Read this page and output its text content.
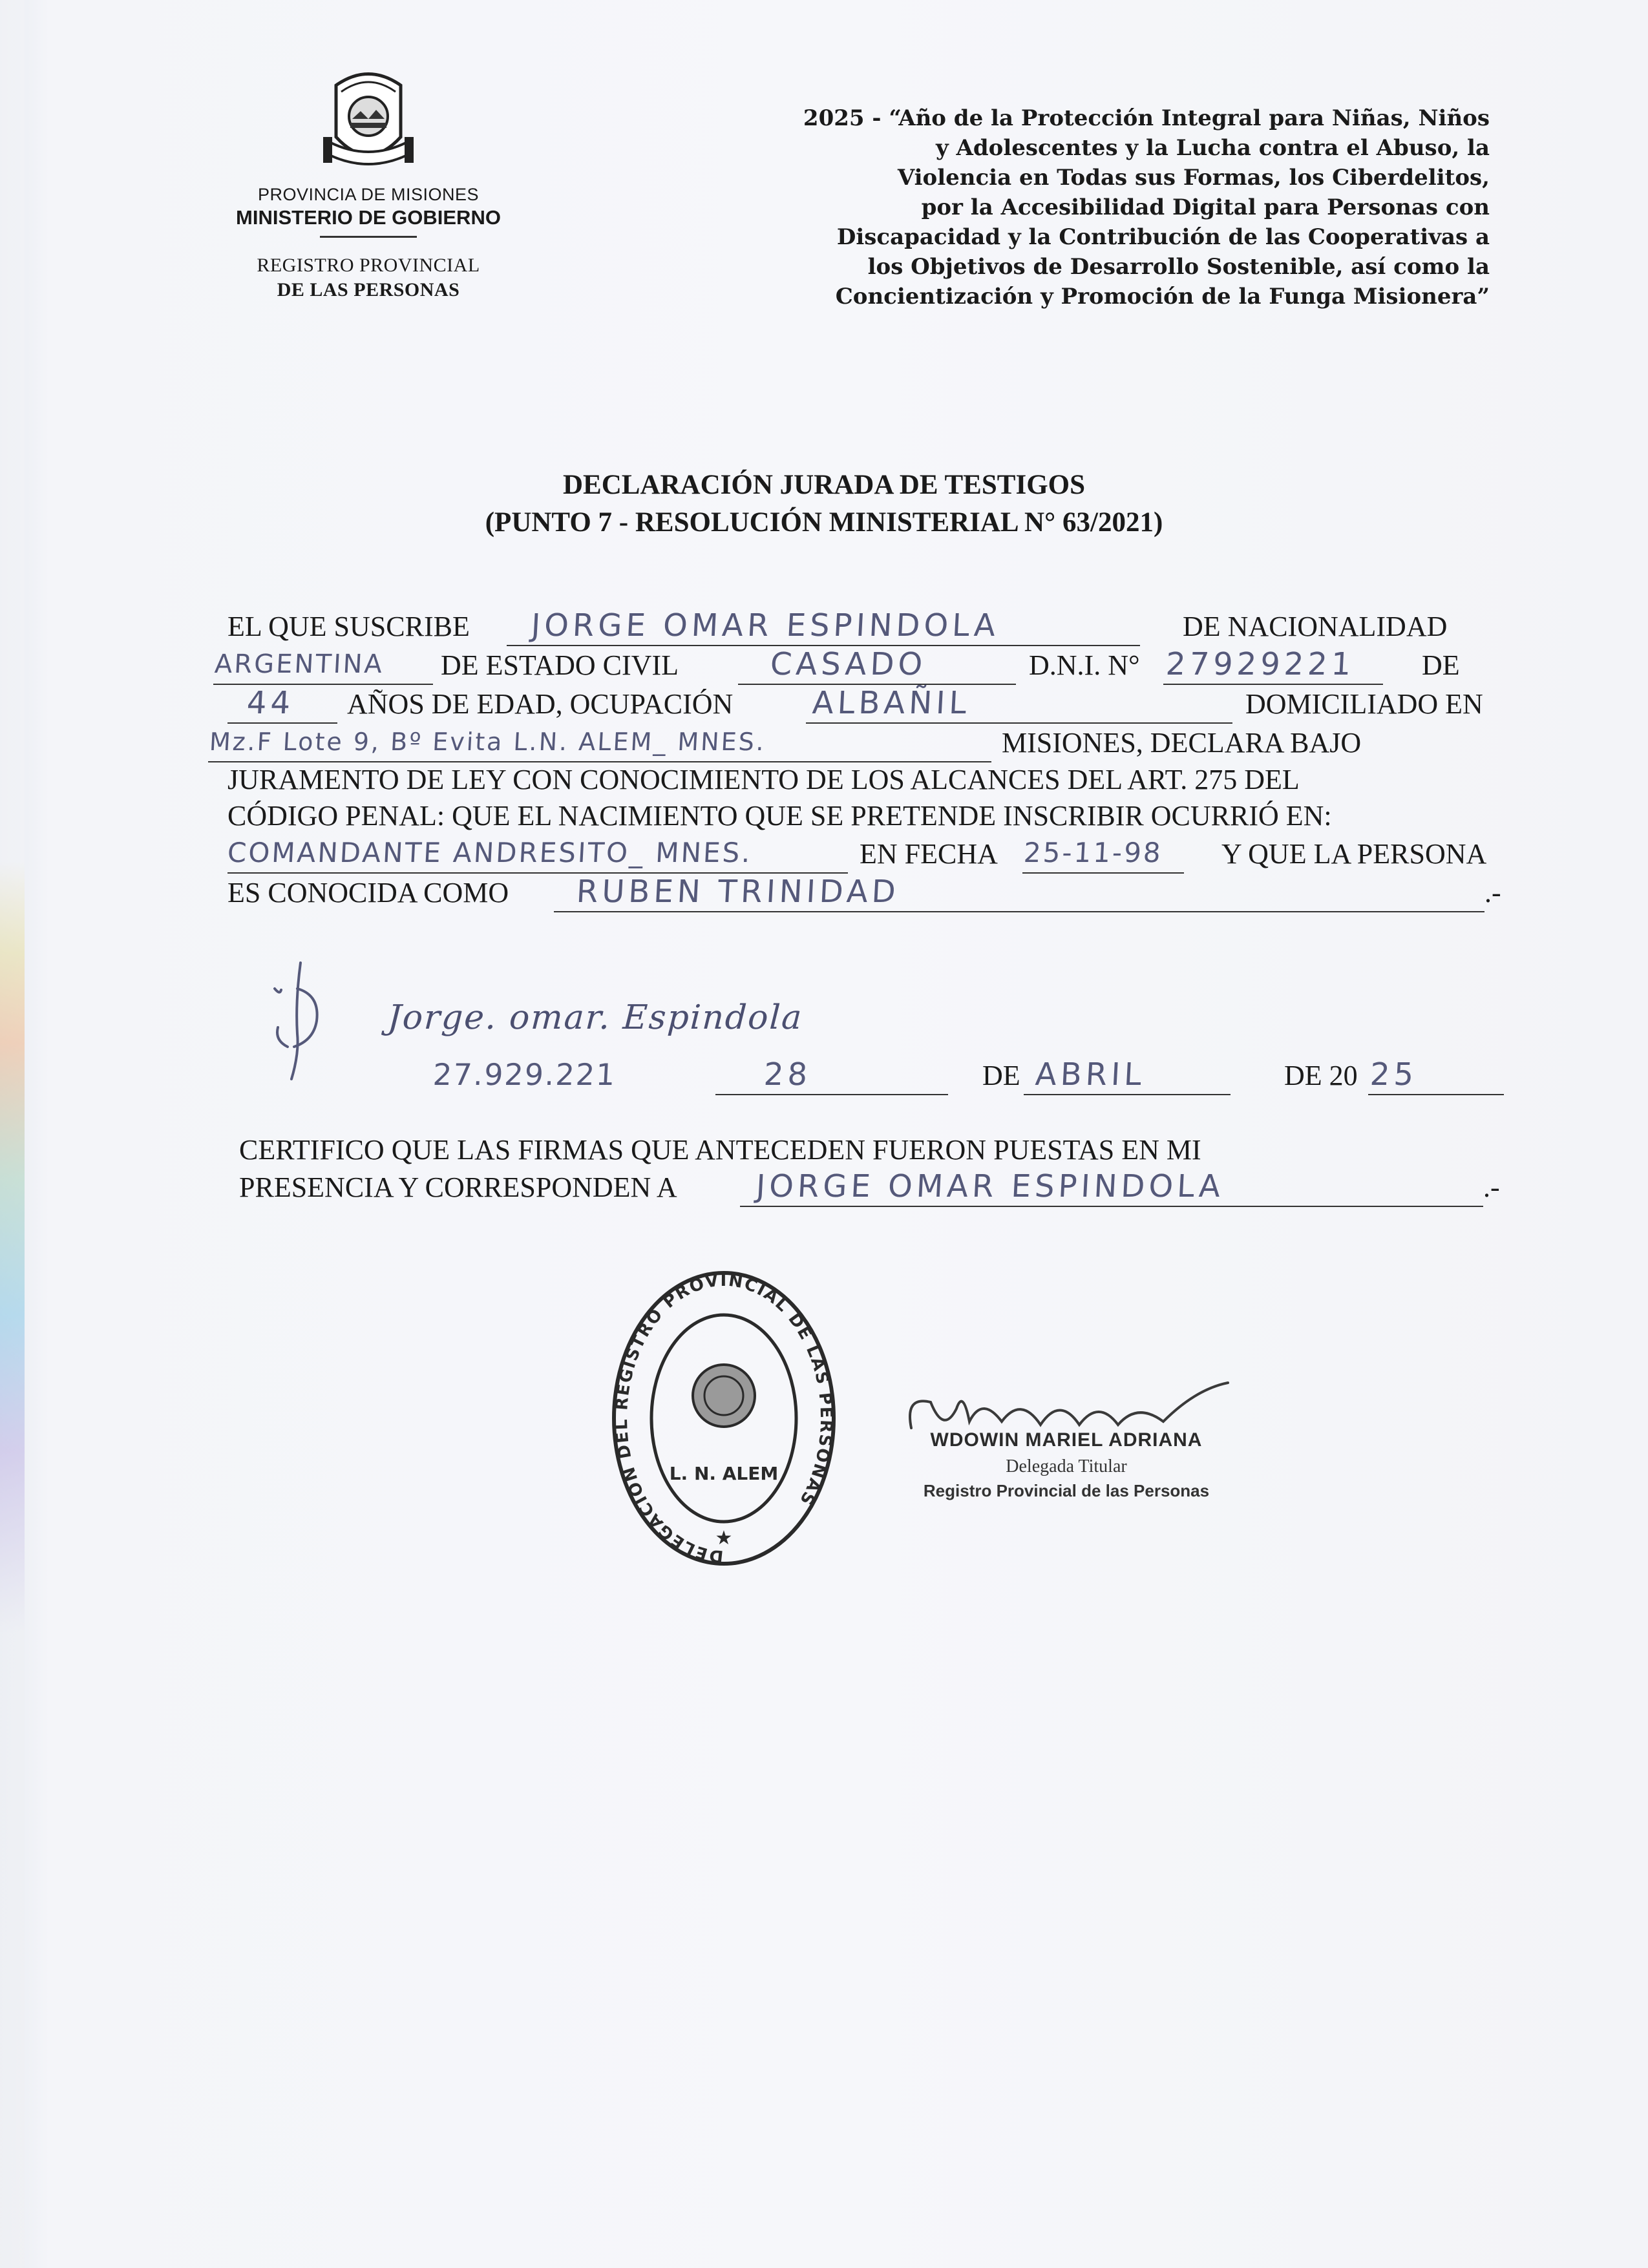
PROVINCIA DE MISIONES
MINISTERIO DE GOBIERNO
REGISTRO PROVINCIAL
DE LAS PERSONAS
2025 - “Año de la Protección Integral para Niñas, Niños
y Adolescentes y la Lucha contra el Abuso, la
Violencia en Todas sus Formas, los Ciberdelitos,
por la Accesibilidad Digital para Personas con
Discapacidad y la Contribución de las Cooperativas a
los Objetivos de Desarrollo Sostenible, así como la
Concientización y Promoción de la Funga Misionera”
DECLARACIÓN JURADA DE TESTIGOS
(PUNTO 7 - RESOLUCIÓN MINISTERIAL N° 63/2021)
EL QUE SUSCRIBE JORGE OMAR ESPINDOLA	DE NACIONALIDAD
ARGENTINA DE ESTADO CIVIL	CASADO	D.N.I. N° 27929221 DE
44 AÑOS DE EDAD, OCUPACIÓN	ALBAÑIL	DOMICILIADO EN
Mz.F Lote 9, Bº Evita L.N. ALEM_ MNES.	MISIONES, DECLARA BAJO
JURAMENTO DE LEY CON CONOCIMIENTO DE LOS ALCANCES DEL ART. 275 DEL
CÓDIGO PENAL: QUE EL NACIMIENTO QUE SE PRETENDE INSCRIBIR OCURRIÓ EN:
COMANDANTE ANDRESITO_ MNES.	EN FECHA 25-11-98 Y QUE LA PERSONA
ES CONOCIDA COMO RUBEN TRINIDAD	.-
Jorge. omar. Espindola
27.929.221	28	DE ABRIL	DE 20 25
CERTIFICO QUE LAS FIRMAS QUE ANTECEDEN FUERON PUESTAS EN MI
PRESENCIA Y CORRESPONDEN A	JORGE OMAR ESPINDOLA	.-
DELEGACION DEL REGISTRO PROVINCIAL DE LAS PERSONAS
L. N. ALEM
★
WDOWIN MARIEL ADRIANA
Delegada Titular
Registro Provincial de las Personas
